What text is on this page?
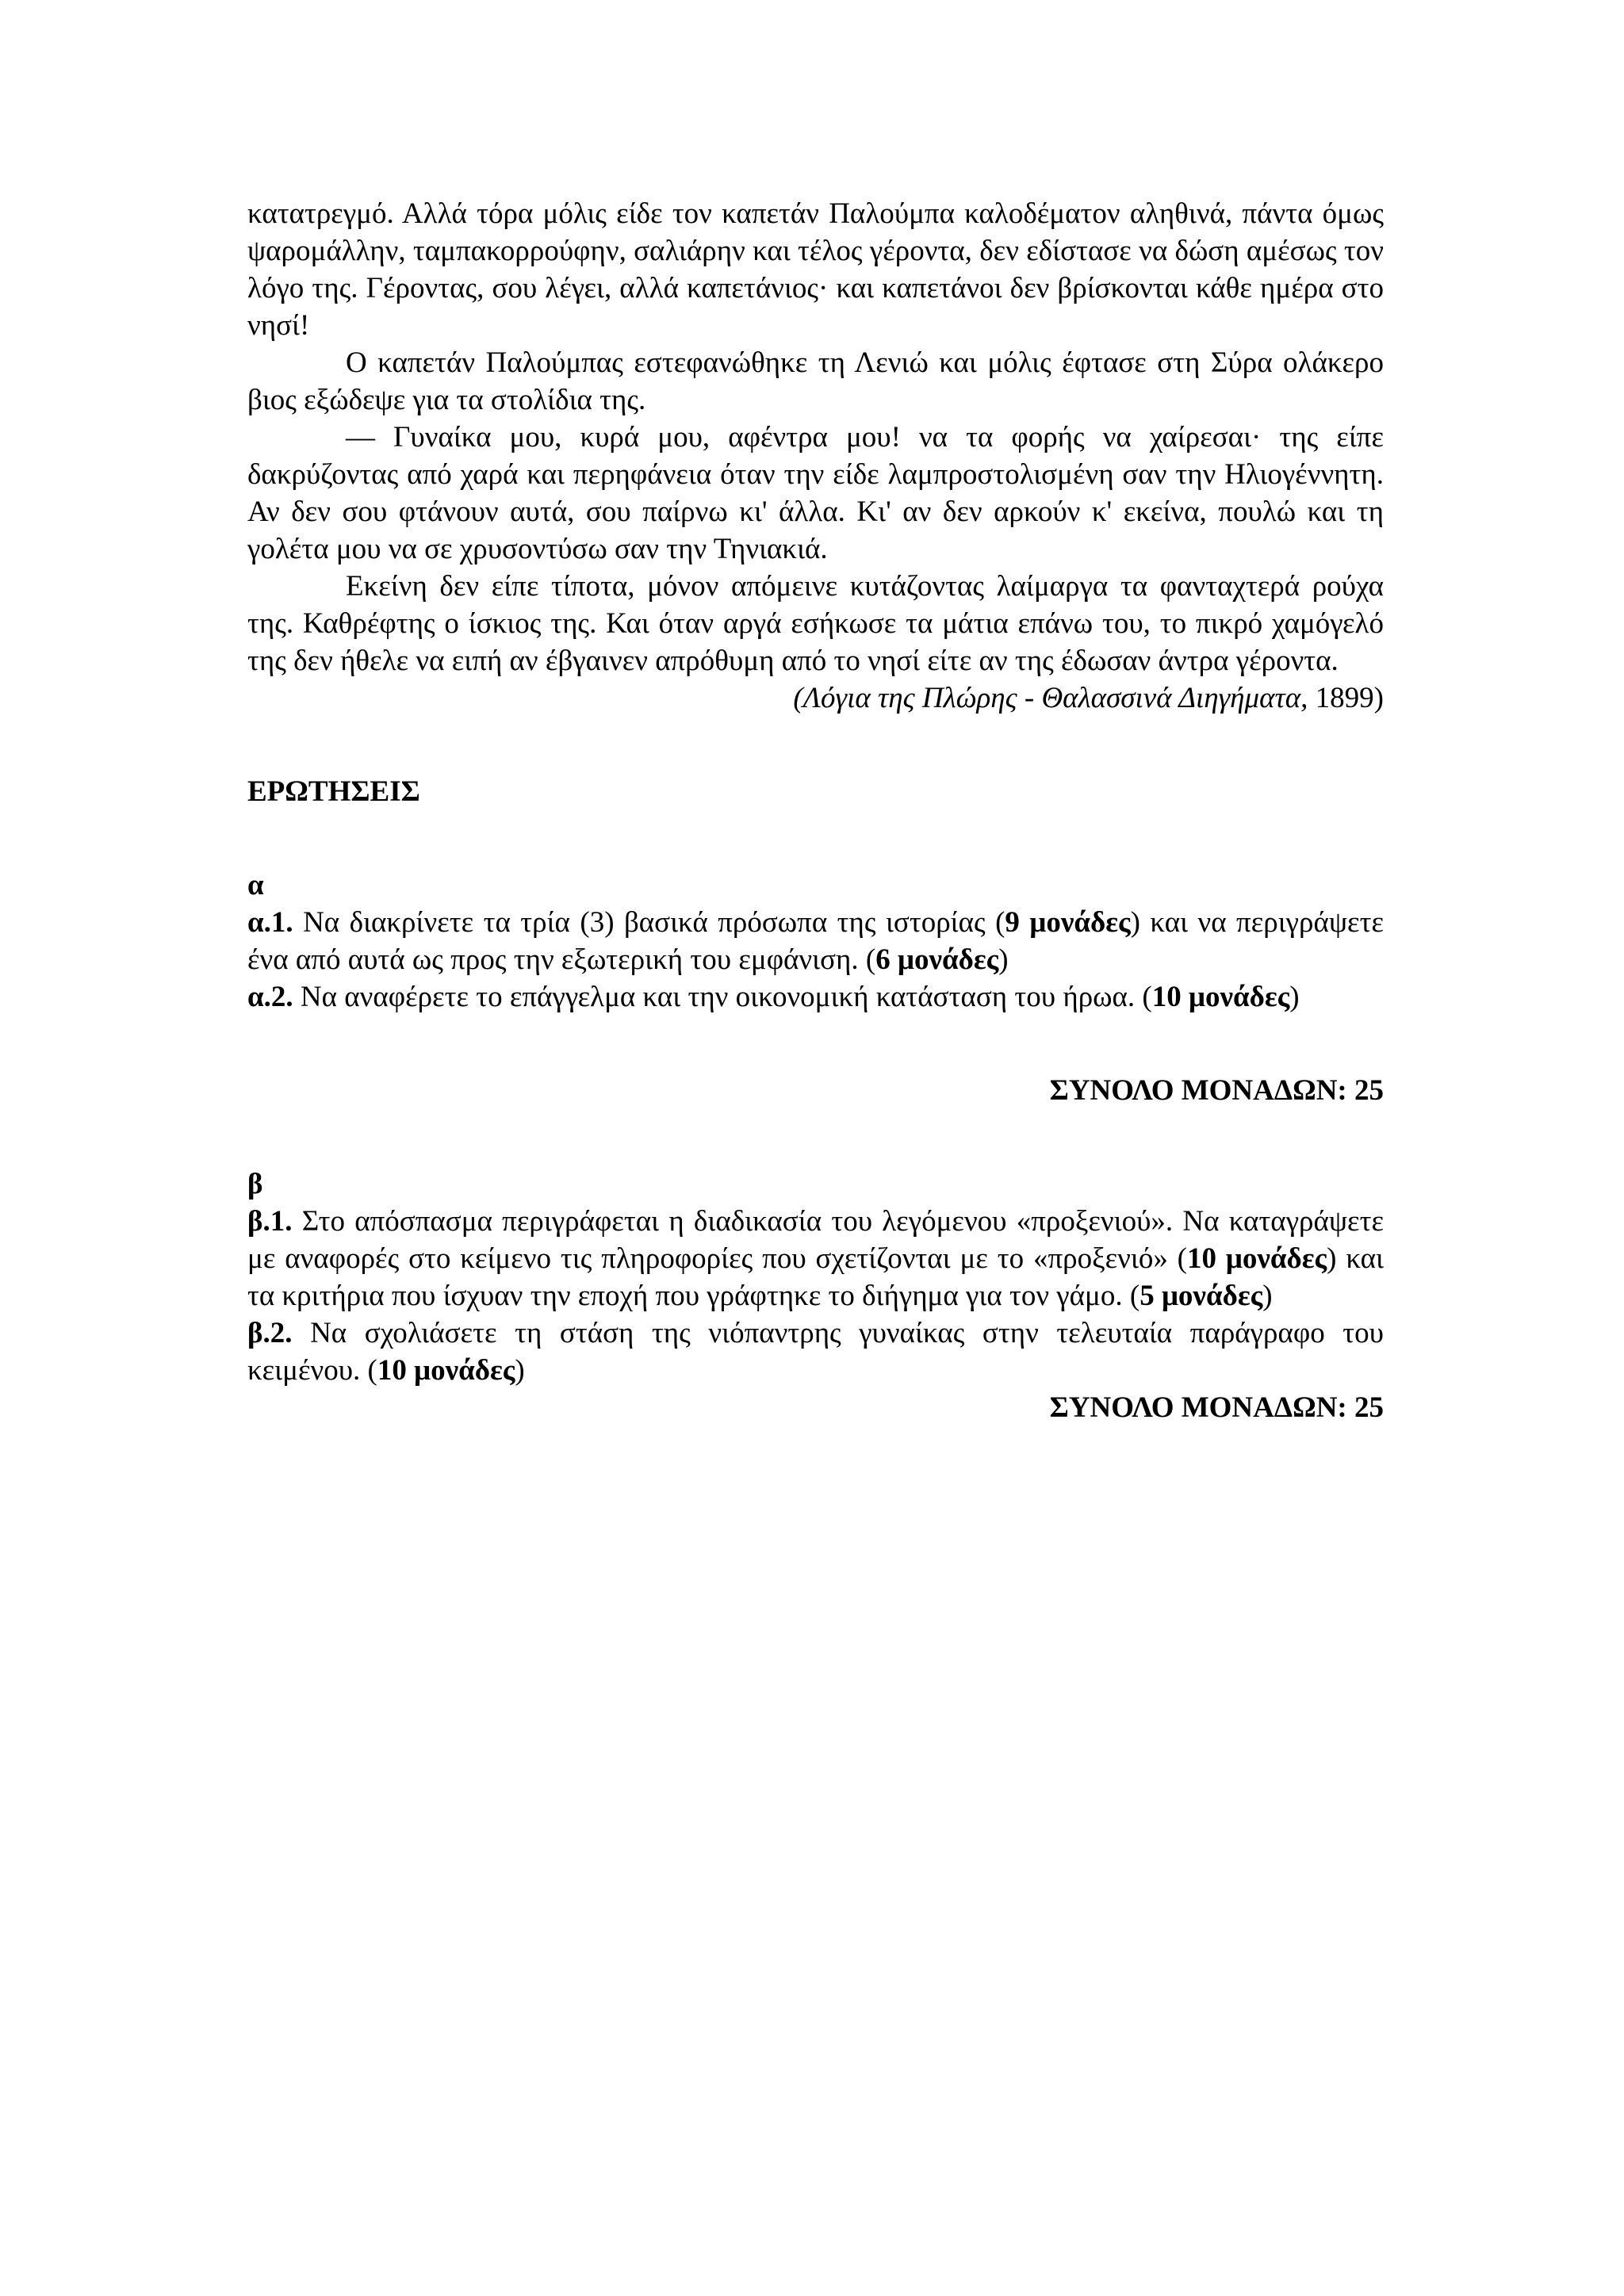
κατατρεγμό. Αλλά τόρα μόλις είδε τον καπετάν Παλούμπα καλοδέματον αληθινά, πάντα όμως ψαρομάλλην, ταμπακορρούφην, σαλιάρην και τέλος γέροντα, δεν εδίστασε να δώση αμέσως τον λόγο της. Γέροντας, σου λέγει, αλλά καπετάνιος· και καπετάνοι δεν βρίσκονται κάθε ημέρα στο νησί!

Ο καπετάν Παλούμπας εστεφανώθηκε τη Λενιώ και μόλις έφτασε στη Σύρα ολάκερο βιος εξώδεψε για τα στολίδια της.

— Γυναίκα μου, κυρά μου, αφέντρα μου! να τα φορής να χαίρεσαι· της είπε δακρύζοντας από χαρά και περηφάνεια όταν την είδε λαμπροστολισμένη σαν την Ηλιογέννητη. Αν δεν σου φτάνουν αυτά, σου παίρνω κι' άλλα. Κι' αν δεν αρκούν κ' εκείνα, πουλώ και τη γολέτα μου να σε χρυσοντύσω σαν την Τηνιακιά.

Εκείνη δεν είπε τίποτα, μόνον απόμεινε κυτάζοντας λαίμαργα τα φανταχτερά ρούχα της. Καθρέφτης ο ίσκιος της. Και όταν αργά εσήκωσε τα μάτια επάνω του, το πικρό χαμόγελό της δεν ήθελε να ειπή αν έβγαινεν απρόθυμη από το νησί είτε αν της έδωσαν άντρα γέροντα.

(Λόγια της Πλώρης - Θαλασσινά Διηγήματα, 1899)

ΕΡΩΤΗΣΕΙΣ

α

α.1. Να διακρίνετε τα τρία (3) βασικά πρόσωπα της ιστορίας (9 μονάδες) και να περιγράψετε ένα από αυτά ως προς την εξωτερική του εμφάνιση. (6 μονάδες)

α.2. Να αναφέρετε το επάγγελμα και την οικονομική κατάσταση του ήρωα. (10 μονάδες)

ΣΥΝΟΛΟ ΜΟΝΑΔΩΝ: 25

β

β.1. Στο απόσπασμα περιγράφεται η διαδικασία του λεγόμενου «προξενιού». Να καταγράψετε με αναφορές στο κείμενο τις πληροφορίες που σχετίζονται με το «προξενιό» (10 μονάδες) και τα κριτήρια που ίσχυαν την εποχή που γράφτηκε το διήγημα για τον γάμο. (5 μονάδες)

β.2. Να σχολιάσετε τη στάση της νιόπαντρης γυναίκας στην τελευταία παράγραφο του κειμένου. (10 μονάδες)

ΣΥΝΟΛΟ ΜΟΝΑΔΩΝ: 25
